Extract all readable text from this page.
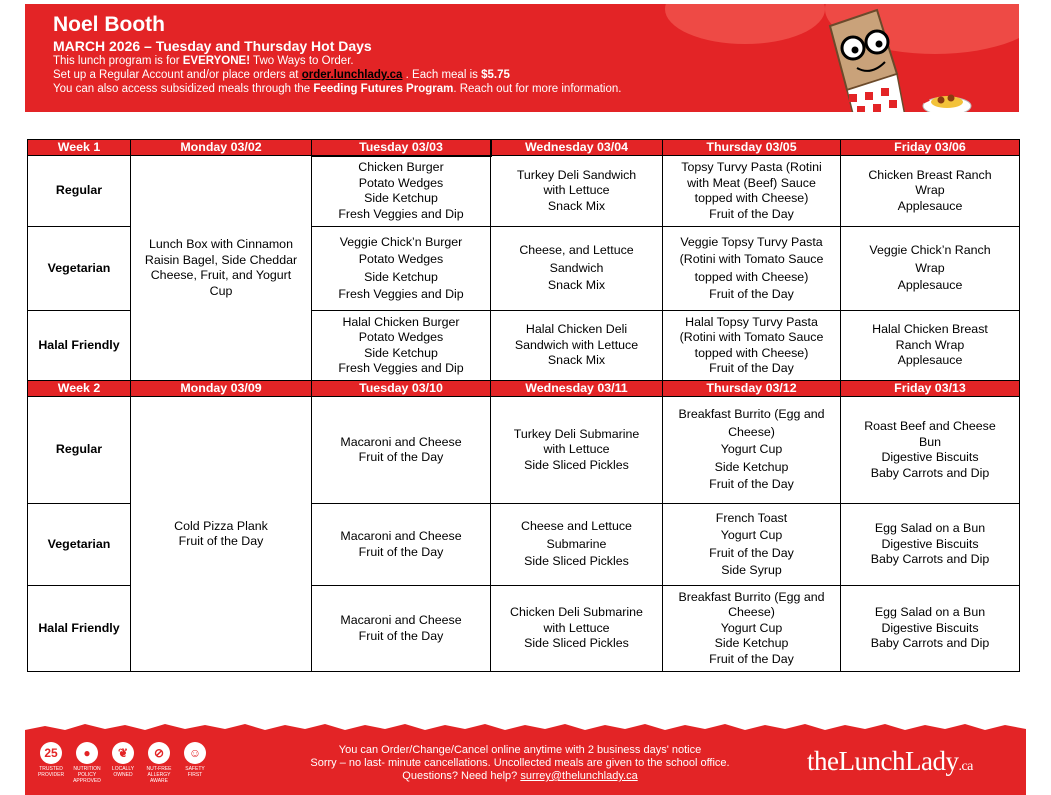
Noel Booth
MARCH 2026 – Tuesday and Thursday Hot Days
This lunch program is for EVERYONE! Two Ways to Order.
Set up a Regular Account and/or place orders at order.lunchlady.ca . Each meal is $5.75
You can also access subsidized meals through the Feeding Futures Program. Reach out for more information.
Week 1	Monday 03/02	Tuesday 03/03	Wednesday 03/04	Thursday 03/05	Friday 03/06
Regular	Lunch Box with Cinnamon
Raisin Bagel, Side Cheddar
Cheese, Fruit, and Yogurt
Cup	Chicken Burger
Potato Wedges
Side Ketchup
Fresh Veggies and Dip	Turkey Deli Sandwich
with Lettuce
Snack Mix	Topsy Turvy Pasta (Rotini
with Meat (Beef) Sauce
topped with Cheese)
Fruit of the Day	Chicken Breast Ranch
Wrap
Applesauce

Vegetarian		Veggie Chick’n Burger
Potato Wedges
Side Ketchup
Fresh Veggies and Dip	Cheese, and Lettuce
Sandwich
Snack Mix	Veggie Topsy Turvy Pasta
(Rotini with Tomato Sauce
topped with Cheese)
Fruit of the Day	Veggie Chick’n Ranch
Wrap
Applesauce

Halal Friendly		Halal Chicken Burger
Potato Wedges
Side Ketchup
Fresh Veggies and Dip	Halal Chicken Deli
Sandwich with Lettuce
Snack Mix	Halal Topsy Turvy Pasta
(Rotini with Tomato Sauce
topped with Cheese)
Fruit of the Day	Halal Chicken Breast
Ranch Wrap
Applesauce

Week 2	Monday 03/09	Tuesday 03/10	Wednesday 03/11	Thursday 03/12	Friday 03/13
Regular	Cold Pizza Plank
Fruit of the Day	Macaroni and Cheese
Fruit of the Day	Turkey Deli Submarine
with Lettuce
Side Sliced Pickles	Breakfast Burrito (Egg and
Cheese)
Yogurt Cup
Side Ketchup
Fruit of the Day	Roast Beef and Cheese
Bun
Digestive Biscuits
Baby Carrots and Dip

Vegetarian		Macaroni and Cheese
Fruit of the Day	Cheese and Lettuce
Submarine
Side Sliced Pickles	French Toast
Yogurt Cup
Fruit of the Day
Side Syrup	Egg Salad on a Bun
Digestive Biscuits
Baby Carrots and Dip

Halal Friendly		Macaroni and Cheese
Fruit of the Day	Chicken Deli Submarine
with Lettuce
Side Sliced Pickles	Breakfast Burrito (Egg and
Cheese)
Yogurt Cup
Side Ketchup
Fruit of the Day	Egg Salad on a Bun
Digestive Biscuits
Baby Carrots and Dip
25
TRUSTED PROVIDER
●
NUTRITION POLICY APPROVED
❦
LOCALLY OWNED
⊘
NUT-FREE ALLERGY AWARE
☺
SAFETY FIRST
You can Order/Change/Cancel online anytime with 2 business days' notice
Sorry – no last- minute cancellations. Uncollected meals are given to the school office.
Questions? Need help? surrey@thelunchlady.ca	theLunchLady.ca
